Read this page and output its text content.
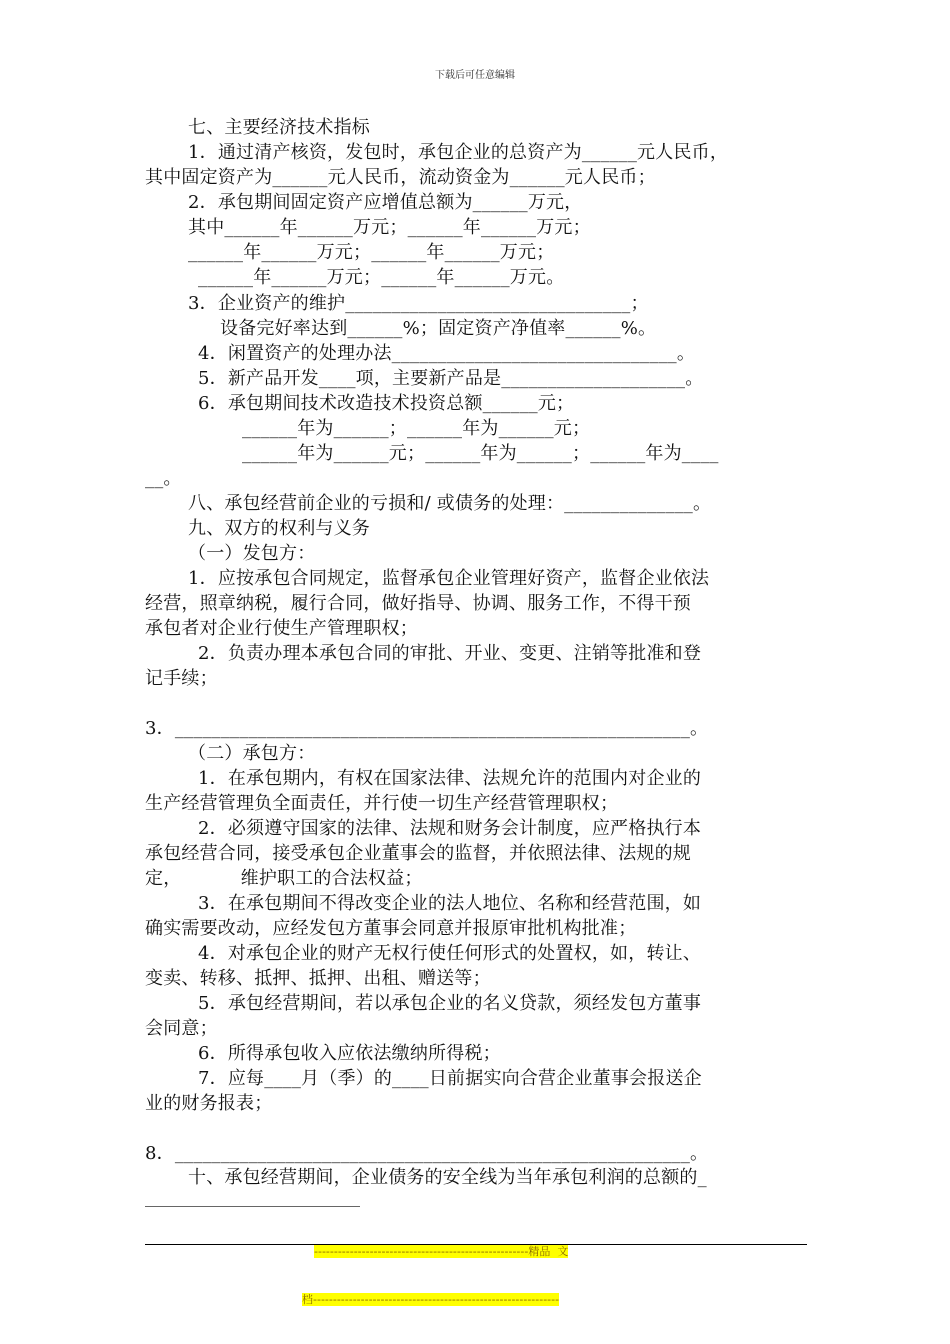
下载后可任意编辑
七、主要经济技术指标
1．通过清产核资，发包时，承包企业的总资产为______元人民币，
其中固定资产为______元人民币，流动资金为______元人民币；
2．承包期间固定资产应增值总额为______万元，
其中______年______万元；______年______万元；
______年______万元；______年______万元；
______年______万元；______年______万元。
3．企业资产的维护_______________________________；
设备完好率达到______%；固定资产净值率______%。
4．闲置资产的处理办法_______________________________。
5．新产品开发____项，主要新产品是____________________。
6．承包期间技术改造技术投资总额______元；
______年为______；______年为______元；
______年为______元；______年为______；______年为____
__。
八、承包经营前企业的亏损和/ 或债务的处理：______________。
九、双方的权利与义务
（一）发包方：
1．应按承包合同规定，监督承包企业管理好资产，监督企业依法
经营，照章纳税，履行合同，做好指导、协调、服务工作，不得干预
承包者对企业行使生产管理职权；
2．负责办理本承包合同的审批、开业、变更、注销等批准和登
记手续；
3．________________________________________________________。
（二）承包方：
1．在承包期内，有权在国家法律、法规允许的范围内对企业的
生产经营管理负全面责任，并行使一切生产经营管理职权；
2．必须遵守国家的法律、法规和财务会计制度，应严格执行本
承包经营合同，接受承包企业董事会的监督，并依照法律、法规的规
定，          维护职工的合法权益；
3．在承包期间不得改变企业的法人地位、名称和经营范围，如
确实需要改动，应经发包方董事会同意并报原审批机构批准；
4．对承包企业的财产无权行使任何形式的处置权，如，转让、
变卖、转移、抵押、抵押、出租、赠送等；
5．承包经营期间，若以承包企业的名义贷款，须经发包方董事
会同意；
6．所得承包收入应依法缴纳所得税；
7．应每____月（季）的____日前据实向合营企业董事会报送企
业的财务报表；
8．________________________________________________________。
十、承包经营期间，企业债务的安全线为当年承包利润的总额的_

------------------------------------------------------精品  文

档--------------------------------------------------------------
